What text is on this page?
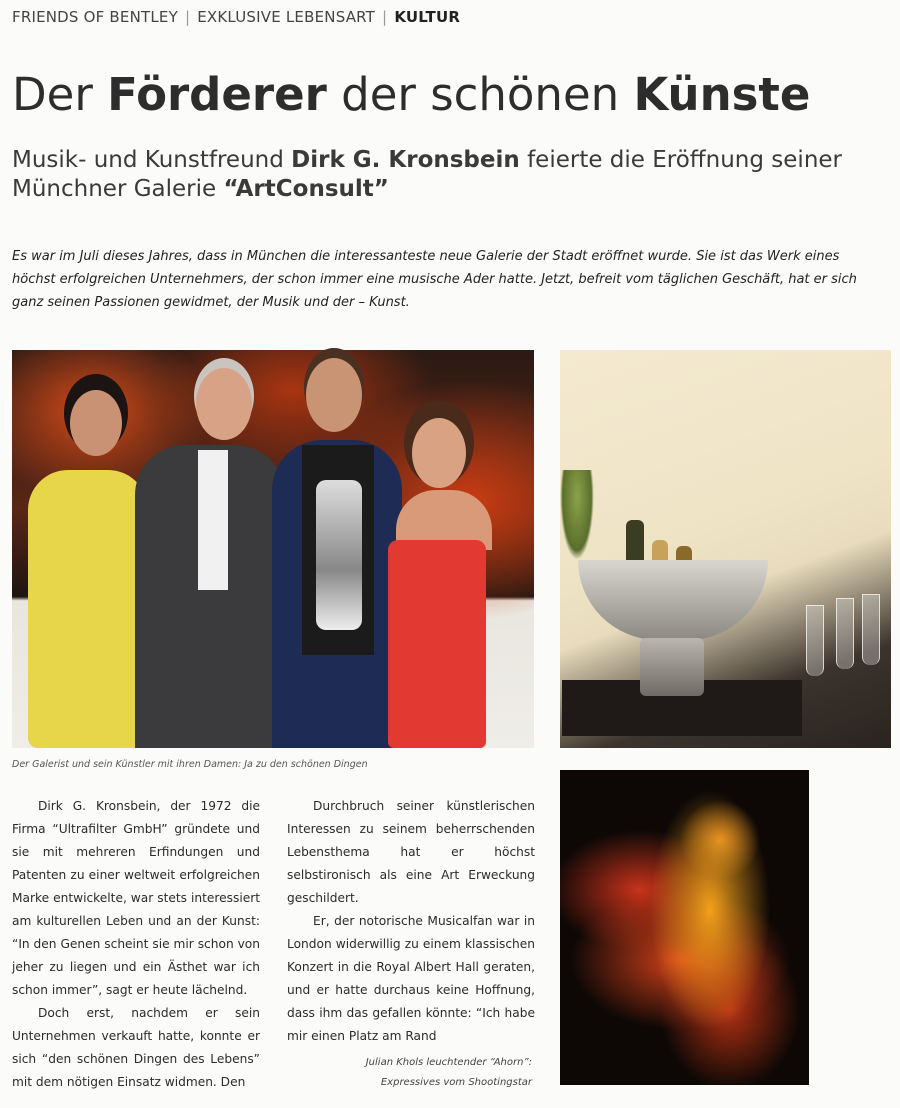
FRIENDS OF BENTLEY | EXKLUSIVE LEBENSART | KULTUR
Der Förderer der schönen Künste
Musik- und Kunstfreund Dirk G. Kronsbein feierte die Eröffnung seiner Münchner Galerie “ArtConsult”
Es war im Juli dieses Jahres, dass in München die interessanteste neue Galerie der Stadt eröffnet wurde. Sie ist das Werk eines höchst erfolgreichen Unternehmers, der schon immer eine musische Ader hatte. Jetzt, befreit vom täglichen Geschäft, hat er sich ganz seinen Passionen gewidmet, der Musik und der – Kunst.
Der Galerist und sein Künstler mit ihren Damen: Ja zu den schönen Dingen

Dirk G. Kronsbein, der 1972 die Firma “Ultrafilter GmbH” gründete und sie mit mehreren Erfindungen und Patenten zu einer weltweit erfolgreichen Marke entwickelte, war stets interessiert am kulturellen Leben und an der Kunst: “In den Genen scheint sie mir schon von jeher zu liegen und ein Ästhet war ich schon immer”, sagt er heute lächelnd.

Doch erst, nachdem er sein Unternehmen verkauft hatte, konnte er sich “den schönen Dingen des Lebens” mit dem nötigen Einsatz widmen. Den

Durchbruch seiner künstlerischen Interessen zu seinem beherrschenden Lebensthema hat er höchst selbstironisch als eine Art Erweckung geschildert.

Er, der notorische Musicalfan war in London widerwillig zu einem klassischen Konzert in die Royal Albert Hall geraten, und er hatte durchaus keine Hoffnung, dass ihm das gefallen könnte: “Ich habe mir einen Platz am Rand

Julian Khols leuchtender “Ahorn”:
Expressives vom Shootingstar
